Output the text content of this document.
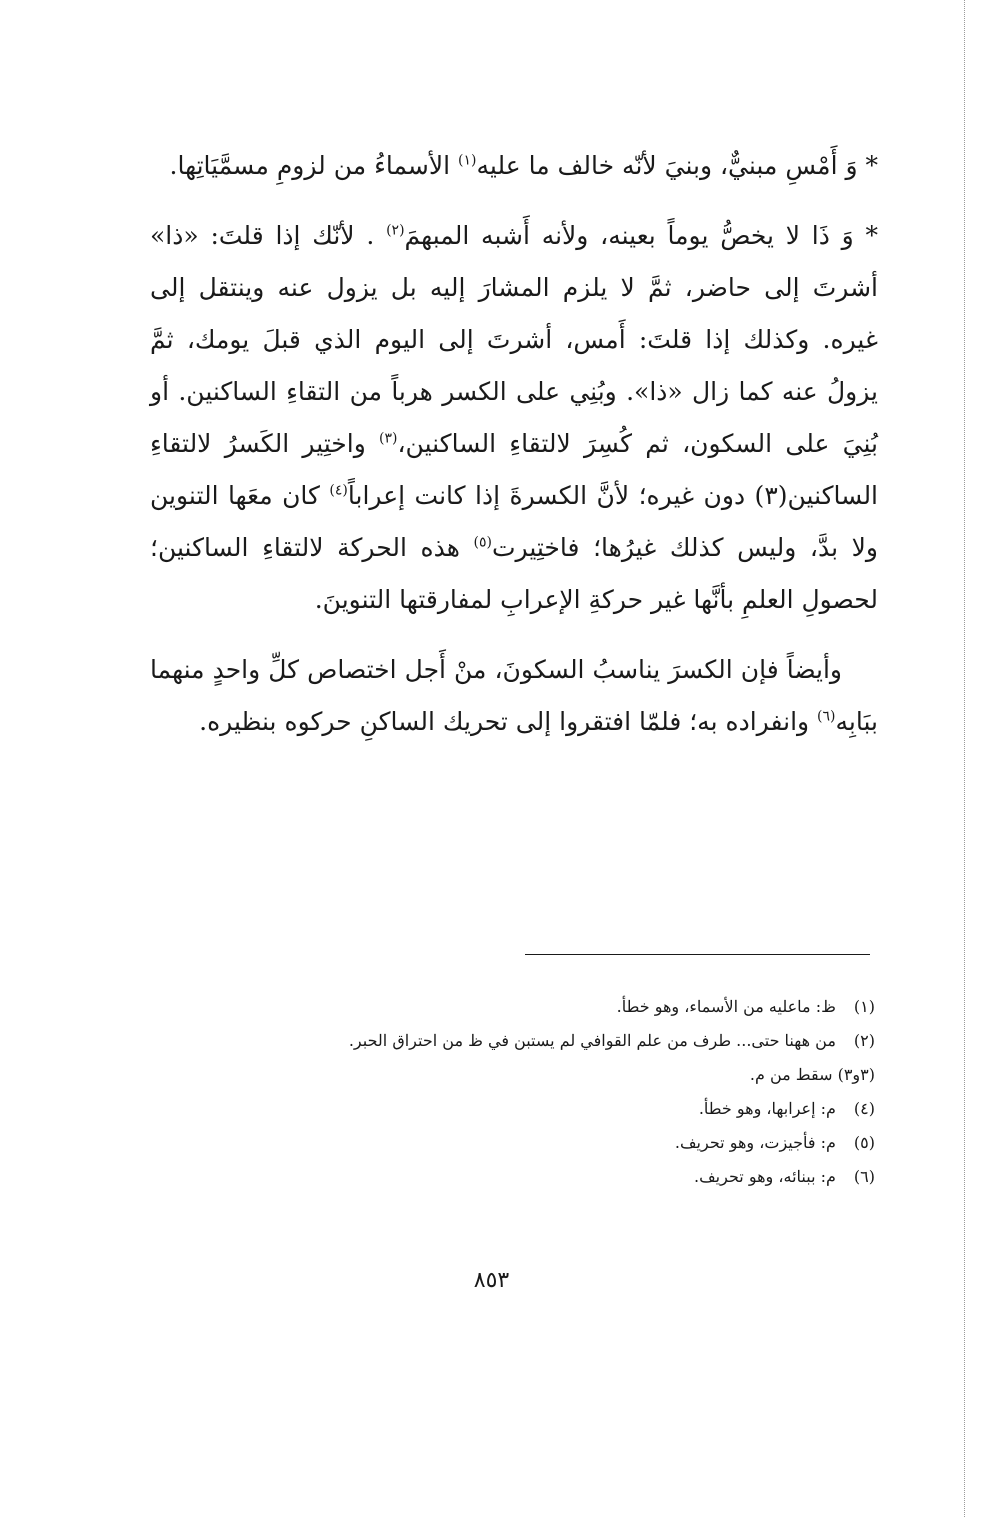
* وَ أَمْسِ مبنيٌّ، وبنيَ لأنّه خالف ما عليه$^{(١)}$ الأسماءُ من لزومِ مسمَّيَاتِها.

* وَ ذَا لا يخصُّ يوماً بعينه، ولأنه أَشبه المبهمَ$^{(٢)}$ . لأنّك إذا قلتَ: «ذا» أشرتَ إلى حاضر، ثمَّ لا يلزم المشارَ إليه بل يزول عنه وينتقل إلى غيره. وكذلك إذا قلتَ: أَمس، أشرتَ إلى اليوم الذي قبلَ يومك، ثمَّ يزولُ عنه كما زال «ذا». وبُنِي على الكسر هرباً من التقاءِ الساكنين. أو بُنِيَ على السكون، ثم كُسِرَ لالتقاءِ الساكنين،$^{(٣)}$ واختِير الكَسرُ لالتقاءِ الساكنين(٣) دون غيره؛ لأنَّ الكسرةَ إذا كانت إعراباً$^{(٤)}$ كان معَها التنوين ولا بدَّ، وليس كذلك غيرُها؛ فاختِيرت$^{(٥)}$ هذه الحركة لالتقاءِ الساكنين؛ لحصولِ العلمِ بأنَّها غير حركةِ الإعرابِ لمفارقتها التنوينَ.

وأيضاً فإن الكسرَ يناسبُ السكونَ، منْ أَجل اختصاص كلِّ واحدٍ منهما ببَابِه$^{(٦)}$ وانفراده به؛ فلمّا افتقروا إلى تحريك الساكنِ حركوه بنظيره.

(١) ظ: ماعليه من الأسماء، وهو خطأ.
(٢) من ههنا حتى... طرف من علم القوافي لم يستبن في ظ من احتراق الحبر.
(٣و٣) سقط من م.
(٤) م: إعرابها، وهو خطأ.
(٥) م: فأجيزت، وهو تحريف.
(٦) م: ببنائه، وهو تحريف.
٨٥٣
